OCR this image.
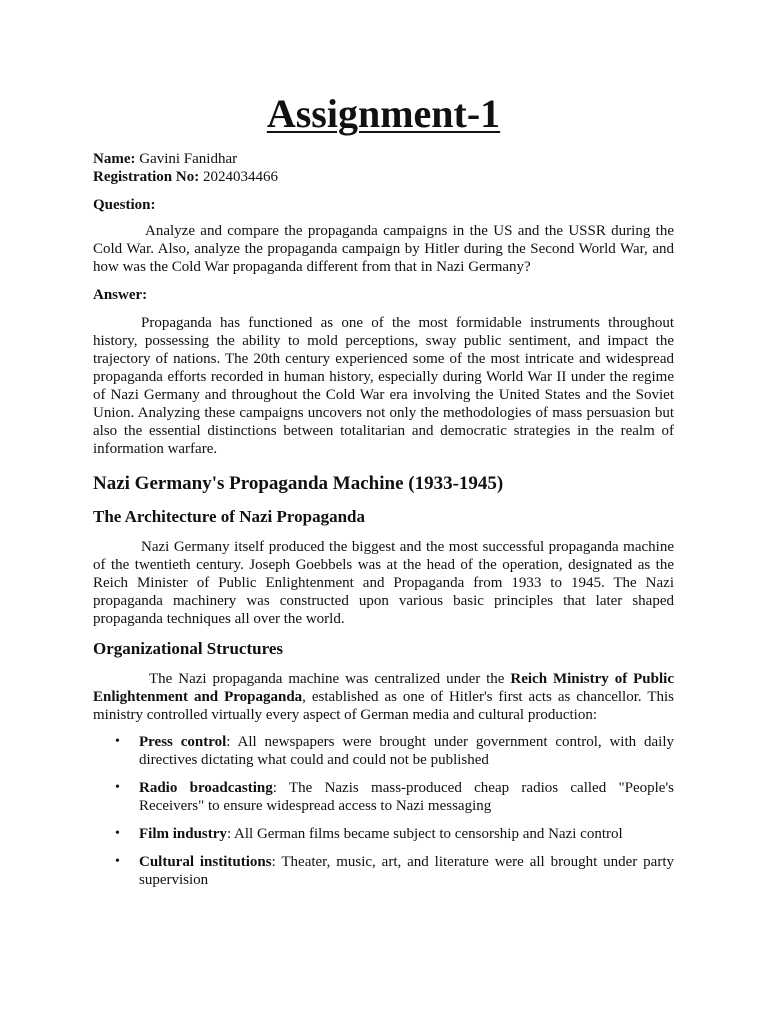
Assignment-1
Name: Gavini Fanidhar
Registration No: 2024034466
Question:

Analyze and compare the propaganda campaigns in the US and the USSR during the Cold War. Also, analyze the propaganda campaign by Hitler during the Second World War, and how was the Cold War propaganda different from that in Nazi Germany?

Answer:

Propaganda has functioned as one of the most formidable instruments throughout history, possessing the ability to mold perceptions, sway public sentiment, and impact the trajectory of nations. The 20th century experienced some of the most intricate and widespread propaganda efforts recorded in human history, especially during World War II under the regime of Nazi Germany and throughout the Cold War era involving the United States and the Soviet Union. Analyzing these campaigns uncovers not only the methodologies of mass persuasion but also the essential distinctions between totalitarian and democratic strategies in the realm of information warfare.

Nazi Germany's Propaganda Machine (1933-1945)
The Architecture of Nazi Propaganda

Nazi Germany itself produced the biggest and the most successful propaganda machine of the twentieth century. Joseph Goebbels was at the head of the operation, designated as the Reich Minister of Public Enlightenment and Propaganda from 1933 to 1945. The Nazi propaganda machinery was constructed upon various basic principles that later shaped propaganda techniques all over the world.

Organizational Structures

The Nazi propaganda machine was centralized under the Reich Ministry of Public Enlightenment and Propaganda, established as one of Hitler's first acts as chancellor. This ministry controlled virtually every aspect of German media and cultural production:

• Press control: All newspapers were brought under government control, with daily directives dictating what could and could not be published
• Radio broadcasting: The Nazis mass-produced cheap radios called "People's Receivers" to ensure widespread access to Nazi messaging
• Film industry: All German films became subject to censorship and Nazi control
• Cultural institutions: Theater, music, art, and literature were all brought under party supervision
